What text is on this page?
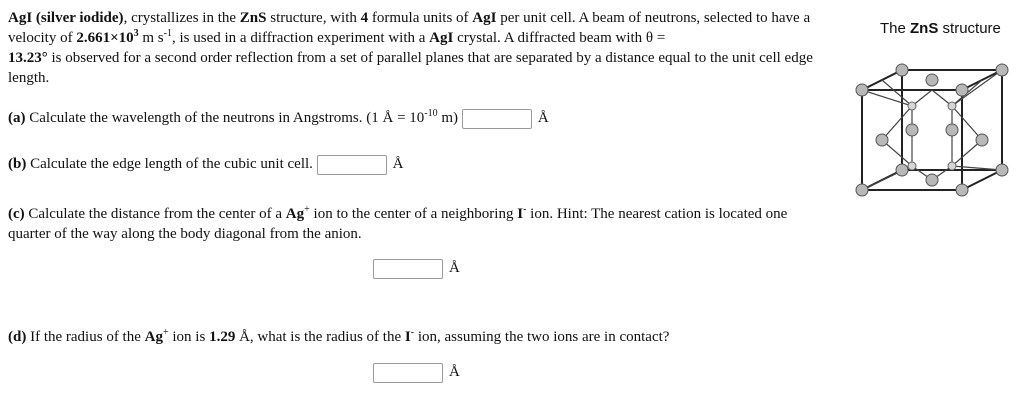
AgI (silver iodide), crystallizes in the ZnS structure, with 4 formula units of AgI per unit cell. A beam of neutrons, selected to have a velocity of $2.661\times 10^3$ m $s^{-1}$, is used in a diffraction experiment with a AgI crystal. A diffracted beam with θ =
13.23° is observed for a second order reflection from a set of parallel planes that are separated by a distance equal to the unit cell edge length.
(a) Calculate the wavelength of the neutrons in Angstroms. (1 Å = $10^{-10}$ m)	Å
(b) Calculate the edge length of the cubic unit cell.	Å
(c) Calculate the distance from the center of a Ag+ ion to the center of a neighboring I- ion. Hint: The nearest cation is located one quarter of the way along the body diagonal from the anion.
Å
(d) If the radius of the Ag+ ion is 1.29 Å, what is the radius of the I- ion, assuming the two ions are in contact?
Å
The ZnS structure
